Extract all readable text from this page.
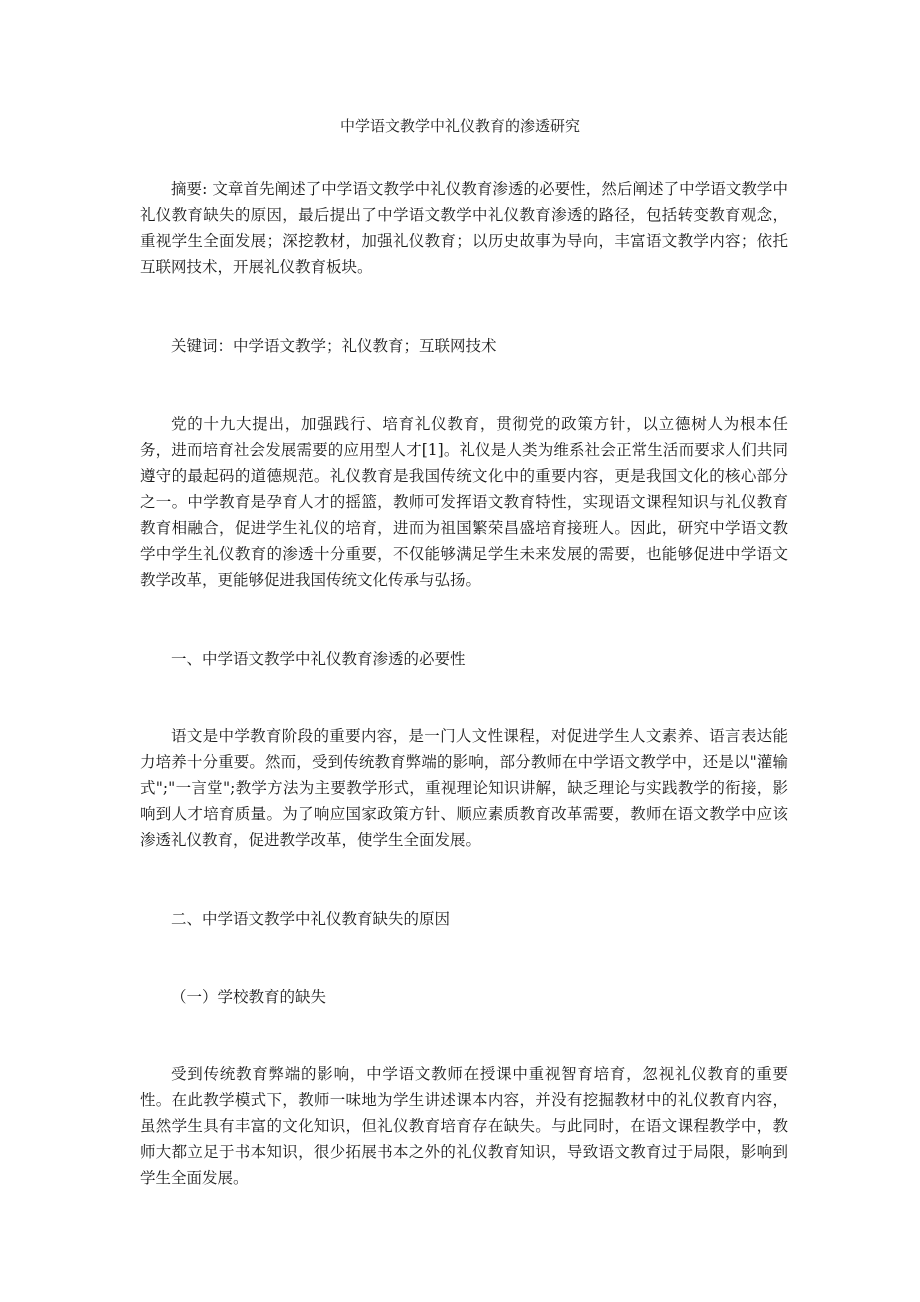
中学语文教学中礼仪教育的渗透研究
摘要: 文章首先阐述了中学语文教学中礼仪教育渗透的必要性，然后阐述了中学语文教学中礼仪教育缺失的原因，最后提出了中学语文教学中礼仪教育渗透的路径，包括转变教育观念，重视学生全面发展；深挖教材，加强礼仪教育；以历史故事为导向，丰富语文教学内容；依托互联网技术，开展礼仪教育板块。
关键词：中学语文教学；礼仪教育；互联网技术
党的十九大提出，加强践行、培育礼仪教育，贯彻党的政策方针，以立德树人为根本任务，进而培育社会发展需要的应用型人才[1]。礼仪是人类为维系社会正常生活而要求人们共同遵守的最起码的道德规范。礼仪教育是我国传统文化中的重要内容，更是我国文化的核心部分之一。中学教育是孕育人才的摇篮，教师可发挥语文教育特性，实现语文课程知识与礼仪教育教育相融合，促进学生礼仪的培育，进而为祖国繁荣昌盛培育接班人。因此，研究中学语文教学中学生礼仪教育的渗透十分重要，不仅能够满足学生未来发展的需要，也能够促进中学语文教学改革，更能够促进我国传统文化传承与弘扬。
一、中学语文教学中礼仪教育渗透的必要性
语文是中学教育阶段的重要内容，是一门人文性课程，对促进学生人文素养、语言表达能力培养十分重要。然而，受到传统教育弊端的影响，部分教师在中学语文教学中，还是以"灌输式";"一言堂";教学方法为主要教学形式，重视理论知识讲解，缺乏理论与实践教学的衔接，影响到人才培育质量。为了响应国家政策方针、顺应素质教育改革需要，教师在语文教学中应该渗透礼仪教育，促进教学改革，使学生全面发展。
二、中学语文教学中礼仪教育缺失的原因
（一）学校教育的缺失
受到传统教育弊端的影响，中学语文教师在授课中重视智育培育，忽视礼仪教育的重要性。在此教学模式下，教师一味地为学生讲述课本内容，并没有挖掘教材中的礼仪教育内容，虽然学生具有丰富的文化知识，但礼仪教育培育存在缺失。与此同时，在语文课程教学中，教师大都立足于书本知识，很少拓展书本之外的礼仪教育知识，导致语文教育过于局限，影响到学生全面发展。
